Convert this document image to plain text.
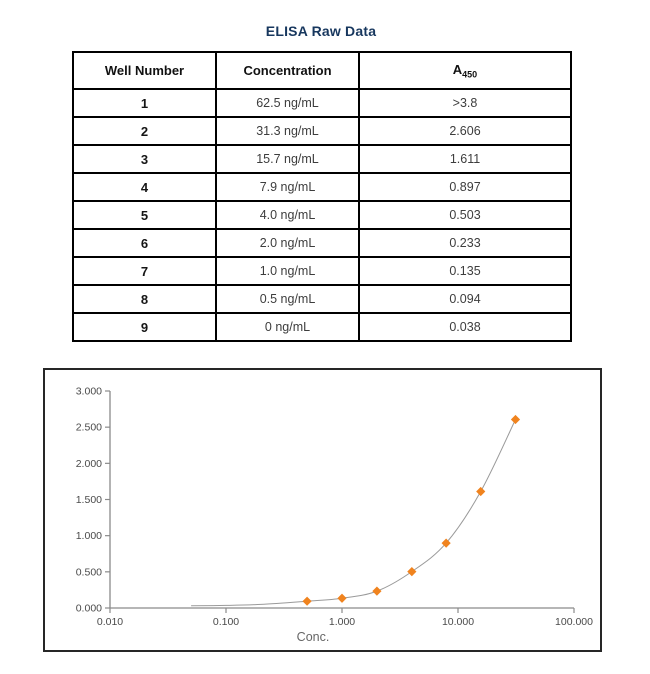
ELISA Raw Data
Well Number	Concentration	$A_{450}$
1	62.5 ng/mL	>3.8
2	31.3 ng/mL	2.606
3	15.7 ng/mL	1.611
4	7.9 ng/mL	0.897
5	4.0 ng/mL	0.503
6	2.0 ng/mL	0.233
7	1.0 ng/mL	0.135
8	0.5 ng/mL	0.094
9	0 ng/mL	0.038
0.010	0.100	1.000	10.000	100.000
0.000
0.500
1.000
1.500
2.000
2.500
3.000
Conc.
